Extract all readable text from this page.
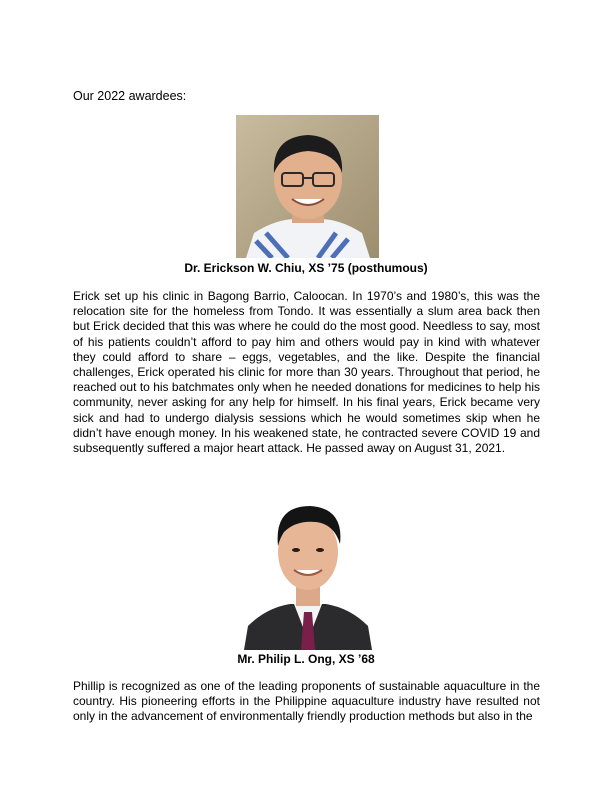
Our 2022 awardees:
Dr. Erickson W. Chiu, XS ’75 (posthumous)

Erick set up his clinic in Bagong Barrio, Caloocan. In 1970’s and 1980’s, this was the relocation site for the homeless from Tondo. It was essentially a slum area back then but Erick decided that this was where he could do the most good. Needless to say, most of his patients couldn’t afford to pay him and others would pay in kind with whatever they could afford to share – eggs, vegetables, and the like. Despite the financial challenges, Erick operated his clinic for more than 30 years. Throughout that period, he reached out to his batchmates only when he needed donations for medicines to help his community, never asking for any help for himself. In his final years, Erick became very sick and had to undergo dialysis sessions which he would sometimes skip when he didn’t have enough money. In his weakened state, he contracted severe COVID 19 and subsequently suffered a major heart attack. He passed away on August 31, 2021.

Mr. Philip L. Ong, XS ’68

Phillip is recognized as one of the leading proponents of sustainable aquaculture in the country. His pioneering efforts in the Philippine aquaculture industry have resulted not only in the advancement of environmentally friendly production methods but also in the
